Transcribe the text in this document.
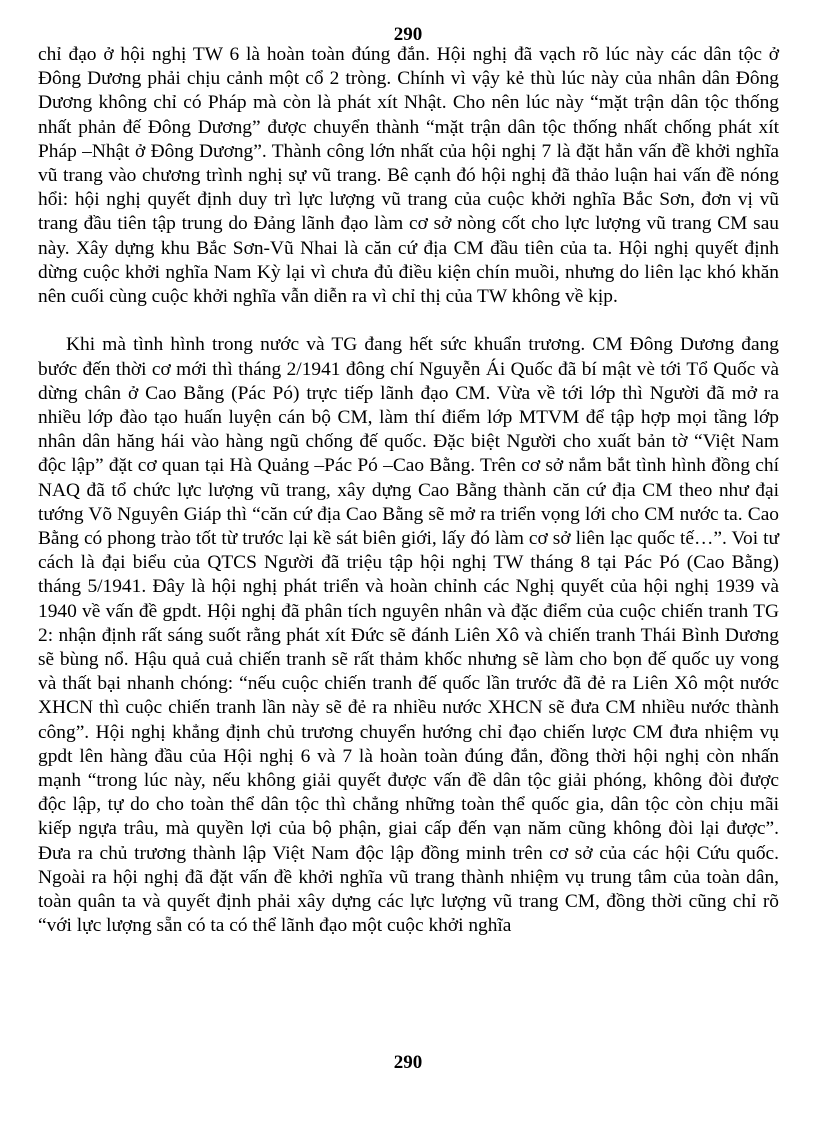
290

chỉ đạo ở hội nghị TW 6 là hoàn toàn đúng đắn. Hội nghị đã vạch rõ lúc này các dân tộc ở Đông Dương phải chịu cảnh một cổ 2 tròng. Chính vì vậy kẻ thù lúc này của nhân dân Đông Dương không chỉ có Pháp mà còn là phát xít Nhật. Cho nên lúc này “mặt trận dân tộc thống nhất phản đế Đông Dương” được chuyển thành “mặt trận dân tộc thống nhất chống phát xít Pháp –Nhật ở Đông Dương”. Thành công lớn nhất của hội nghị 7 là đặt hẳn vấn đề khởi nghĩa vũ trang vào chương trình nghị sự vũ trang. Bê cạnh đó hội nghị đã thảo luận hai vấn đề nóng hổi: hội nghị quyết định duy trì lực lượng vũ trang của cuộc khởi nghĩa Bắc Sơn, đơn vị vũ trang đầu tiên tập trung do Đảng lãnh đạo làm cơ sở nòng cốt cho lực lượng vũ trang CM sau này. Xây dựng khu Bắc Sơn-Vũ Nhai là căn cứ địa CM đầu tiên của ta. Hội nghị quyết định dừng cuộc khởi nghĩa Nam Kỳ lại vì chưa đủ điều kiện chín muồi, nhưng do liên lạc khó khăn nên cuối cùng cuộc khởi nghĩa vẫn diễn ra vì chỉ thị của TW không về kịp.

Khi mà tình hình trong nước và TG đang hết sức khuẩn trương. CM Đông Dương đang bước đến thời cơ mới thì tháng 2/1941 đông chí Nguyễn Ái Quốc đã bí mật vè tới Tổ Quốc và dừng chân ở Cao Bằng (Pác Pó) trực tiếp lãnh đạo CM. Vừa về tới lớp thì Người đã mở ra nhiều lớp đào tạo huấn luyện cán bộ CM, làm thí điểm lớp MTVM để tập hợp mọi tầng lớp nhân dân hăng hái vào hàng ngũ chống đế quốc. Đặc biệt Người cho xuất bản tờ “Việt Nam độc lập” đặt cơ quan tại Hà Quảng –Pác Pó –Cao Bằng. Trên cơ sở nắm bắt tình hình đồng chí NAQ đã tổ chức lực lượng vũ trang, xây dựng Cao Bằng thành căn cứ địa CM theo như đại tướng Võ Nguyên Giáp thì “căn cứ địa Cao Bằng sẽ mở ra triển vọng lới cho CM nước ta. Cao Bằng có phong trào tốt từ trước lại kề sát biên giới, lấy đó làm cơ sở liên lạc quốc tế…”. Voi tư cách là đại biểu của QTCS Người đã triệu tập hội nghị TW tháng 8 tại Pác Pó (Cao Bằng) tháng 5/1941. Đây là hội nghị phát triển và hoàn chỉnh các Nghị quyết của hội nghị 1939 và 1940 về vấn đề gpdt. Hội nghị đã phân tích nguyên nhân và đặc điểm của cuộc chiến tranh TG 2: nhận định rất sáng suốt rằng phát xít Đức sẽ đánh Liên Xô và chiến tranh Thái Bình Dương sẽ bùng nổ. Hậu quả cuả chiến tranh sẽ rất thảm khốc nhưng sẽ làm cho bọn đế quốc uy vong và thất bại nhanh chóng: “nếu cuộc chiến tranh đế quốc lần trước đã đẻ ra Liên Xô một nước XHCN thì cuộc chiến tranh lần này sẽ đẻ ra nhiều nước XHCN sẽ đưa CM nhiều nước thành công”. Hội nghị khẳng định chủ trương chuyển hướng chỉ đạo chiến lược CM đưa nhiệm vụ gpdt lên hàng đầu của Hội nghị 6 và 7 là hoàn toàn đúng đắn, đồng thời hội nghị còn nhấn mạnh “trong lúc này, nếu không giải quyết được vấn đề dân tộc giải phóng, không đòi được độc lập, tự do cho toàn thể dân tộc thì chẳng những toàn thể quốc gia, dân tộc còn chịu mãi kiếp ngựa trâu, mà quyền lợi của bộ phận, giai cấp đến vạn năm cũng không đòi lại được”. Đưa ra chủ trương thành lập Việt Nam độc lập đồng minh trên cơ sở của các hội Cứu quốc. Ngoài ra hội nghị đã đặt vấn đề khởi nghĩa vũ trang thành nhiệm vụ trung tâm của toàn dân, toàn quân ta và quyết định phải xây dựng các lực lượng vũ trang CM, đồng thời cũng chỉ rõ “với lực lượng sẵn có ta có thể lãnh đạo một cuộc khởi nghĩa

290
